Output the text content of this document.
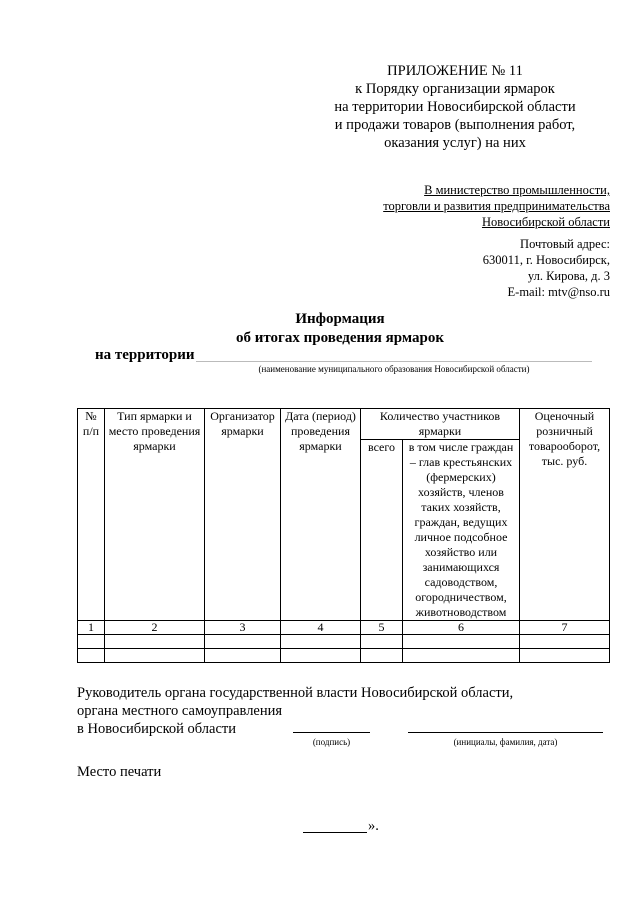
ПРИЛОЖЕНИЕ № 11
к Порядку организации ярмарок
на территории Новосибирской области
и продажи товаров (выполнения работ,
оказания услуг) на них
В министерство промышленности,
торговли и развития предпринимательства
Новосибирской области
Почтовый адрес:
630011, г. Новосибирск,
ул. Кирова, д. 3
E-mail: mtv@nso.ru
Информация
об итогах проведения ярмарок
на территории
(наименование муниципального образования Новосибирской области)
№ п/п	Тип ярмарки и место проведения ярмарки	Организатор ярмарки	Дата (период) проведения ярмарки	Количество участников ярмарки		Оценочный розничный товарооборот, тыс. руб.
				всего	в том числе граждан – глав крестьянских (фермерских) хозяйств, членов таких хозяйств, граждан, ведущих личное подсобное хозяйство или занимающихся садоводством, огородничеством, животноводством	
1	2	3	4	5	6	7

Руководитель органа государственной власти Новосибирской области,
органа местного самоуправления
в Новосибирской области
(подпись)	(инициалы, фамилия, дата)
Место печати
».
